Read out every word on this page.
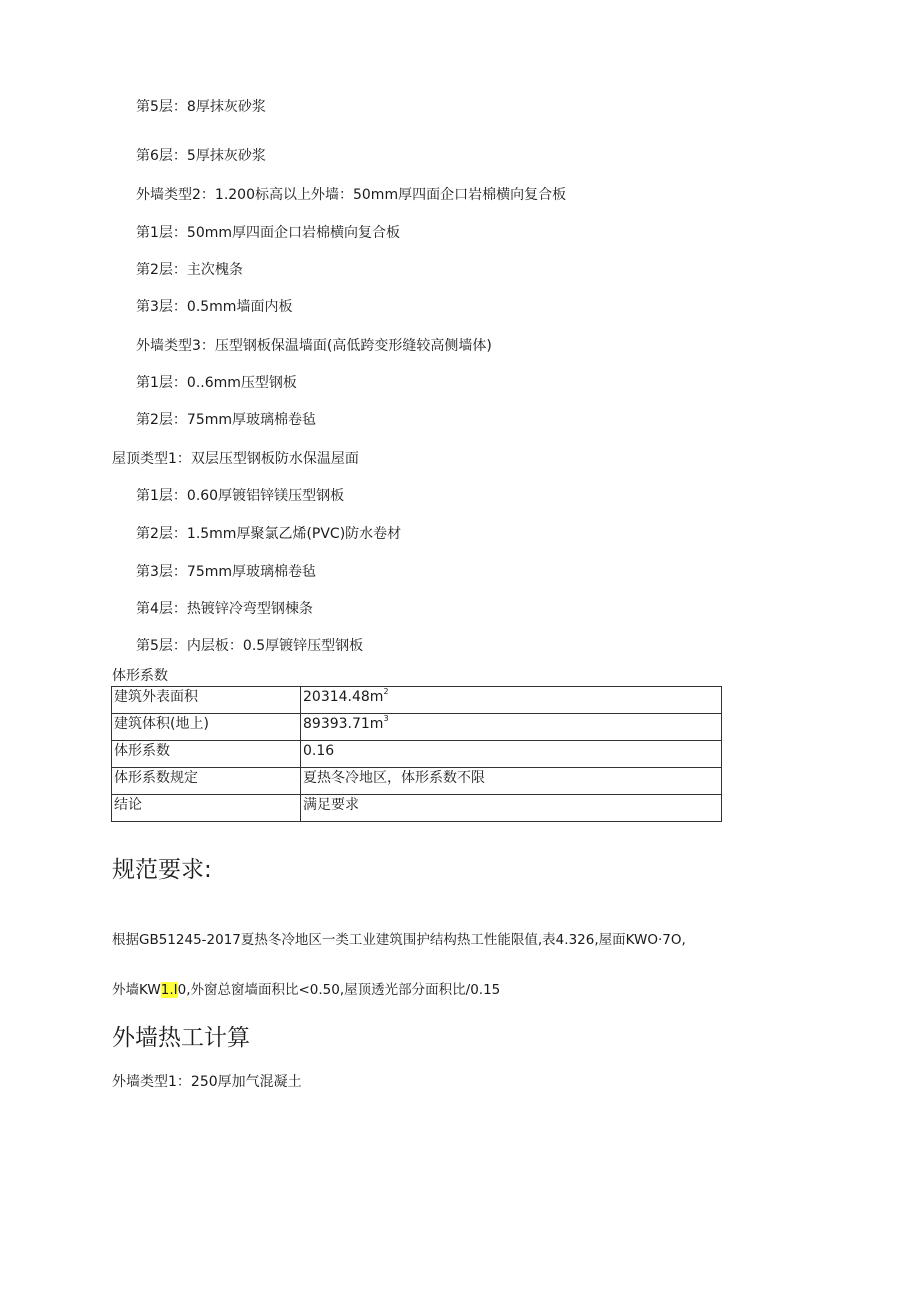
第5层：8厚抹灰砂浆
第6层：5厚抹灰砂浆
外墙类型2：1.200标高以上外墙：50mm厚四面企口岩棉横向复合板
第1层：50mm厚四面企口岩棉横向复合板
第2层：主次槐条
第3层：0.5mm墙面内板
外墙类型3：压型钢板保温墙面(高低跨变形缝较高侧墙体)
第1层：0..6mm压型钢板
第2层：75mm厚玻璃棉卷毡
屋顶类型1：双层压型钢板防水保温屋面
第1层：0.60厚镀铝锌镁压型钢板
第2层：1.5mm厚聚氯乙烯(PVC)防水卷材
第3层：75mm厚玻璃棉卷毡
第4层：热镀锌冷弯型钢棟条
第5层：内层板：0.5厚镀锌压型钢板
体形系数
建筑外表面积	$20314.48m^2$
建筑体积(地上)	$89393.71m^3$
体形系数	0.16
体形系数规定	夏热冬冷地区，体形系数不限
结论	满足要求
规范要求:
根据GB51245-2017夏热冬冷地区一类工业建筑围护结构热工性能限值,表4.326,屋面KWO·7O,
外墙KW1.I0,外窗总窗墙面积比<0.50,屋顶透光部分面积比/0.15
外墙热工计算
外墙类型1：250厚加气混凝土
